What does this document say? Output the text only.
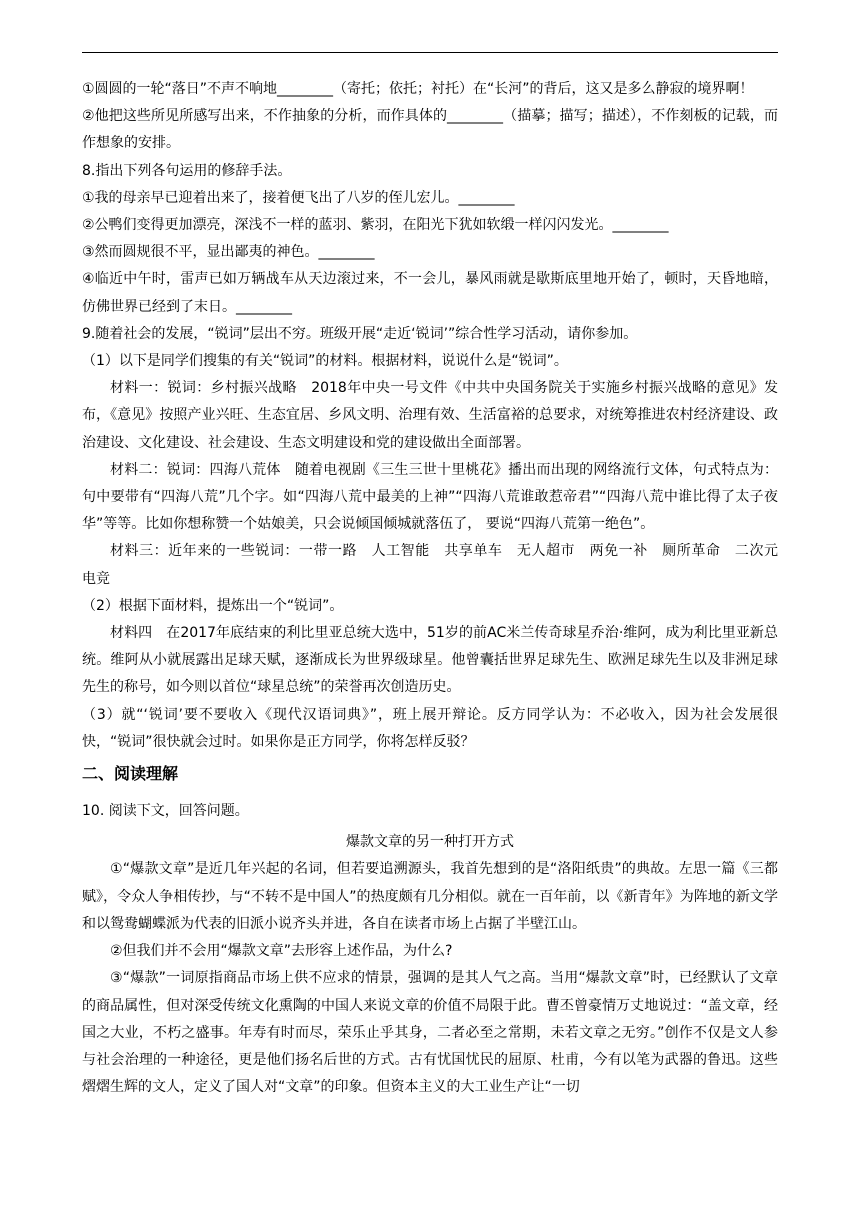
①圆圆的一轮“落日”不声不响地________（寄托；依托；衬托）在“长河”的背后，这又是多么静寂的境界啊！

②他把这些所见所感写出来，不作抽象的分析，而作具体的________（描摹；描写；描述），不作刻板的记载，而作想象的安排。

8.指出下列各句运用的修辞手法。

①我的母亲早已迎着出来了，接着便飞出了八岁的侄儿宏儿。________

②公鸭们变得更加漂亮，深浅不一样的蓝羽、紫羽，在阳光下犹如软缎一样闪闪发光。________

③然而圆规很不平，显出鄙夷的神色。________

④临近中午时，雷声已如万辆战车从天边滚过来，不一会儿，暴风雨就是歇斯底里地开始了，顿时，天昏地暗，仿佛世界已经到了末日。________

9.随着社会的发展，“锐词”层出不穷。班级开展“走近‘锐词’”综合性学习活动，请你参加。

（1）以下是同学们搜集的有关“锐词”的材料。根据材料，说说什么是“锐词”。

材料一：锐词：乡村振兴战略　2018年中央一号文件《中共中央国务院关于实施乡村振兴战略的意见》发布，《意见》按照产业兴旺、生态宜居、乡风文明、治理有效、生活富裕的总要求，对统筹推进农村经济建设、政治建设、文化建设、社会建设、生态文明建设和党的建设做出全面部署。

材料二：锐词：四海八荒体　随着电视剧《三生三世十里桃花》播出而出现的网络流行文体，句式特点为：句中要带有“四海八荒”几个字。如“四海八荒中最美的上神”“四海八荒谁敢惹帝君”“四海八荒中谁比得了太子夜华”等等。比如你想称赞一个姑娘美，只会说倾国倾城就落伍了， 要说“四海八荒第一绝色”。

材料三：近年来的一些锐词：一带一路　人工智能　共享单车　无人超市　两免一补　厕所革命　二次元　电竞

（2）根据下面材料，提炼出一个“锐词”。

材料四　在2017年底结束的利比里亚总统大选中，51岁的前AC米兰传奇球星乔治·维阿，成为利比里亚新总统。维阿从小就展露出足球天赋，逐渐成长为世界级球星。他曾囊括世界足球先生、欧洲足球先生以及非洲足球先生的称号，如今则以首位“球星总统”的荣誉再次创造历史。

（3）就“‘锐词’要不要收入《现代汉语词典》”，班上展开辩论。反方同学认为：不必收入，因为社会发展很快，“锐词”很快就会过时。如果你是正方同学，你将怎样反驳？

二、阅读理解

10. 阅读下文，回答问题。

爆款文章的另一种打开方式

①“爆款文章”是近几年兴起的名词，但若要追溯源头，我首先想到的是“洛阳纸贵”的典故。左思一篇《三都赋》，令众人争相传抄，与“不转不是中国人”的热度颇有几分相似。就在一百年前，以《新青年》为阵地的新文学和以鸳鸯蝴蝶派为代表的旧派小说齐头并进，各自在读者市场上占据了半壁江山。

②但我们并不会用“爆款文章”去形容上述作品，为什么?

③“爆款”一词原指商品市场上供不应求的情景，强调的是其人气之高。当用“爆款文章”时，已经默认了文章的商品属性，但对深受传统文化熏陶的中国人来说文章的价值不局限于此。曹丕曾豪情万丈地说过：“盖文章，经国之大业，不朽之盛事。年寿有时而尽，荣乐止乎其身，二者必至之常期，未若文章之无穷。”创作不仅是文人参与社会治理的一种途径，更是他们扬名后世的方式。古有忧国忧民的屈原、杜甫，今有以笔为武器的鲁迅。这些熠熠生辉的文人，定义了国人对“文章”的印象。但资本主义的大工业生产让“一切
